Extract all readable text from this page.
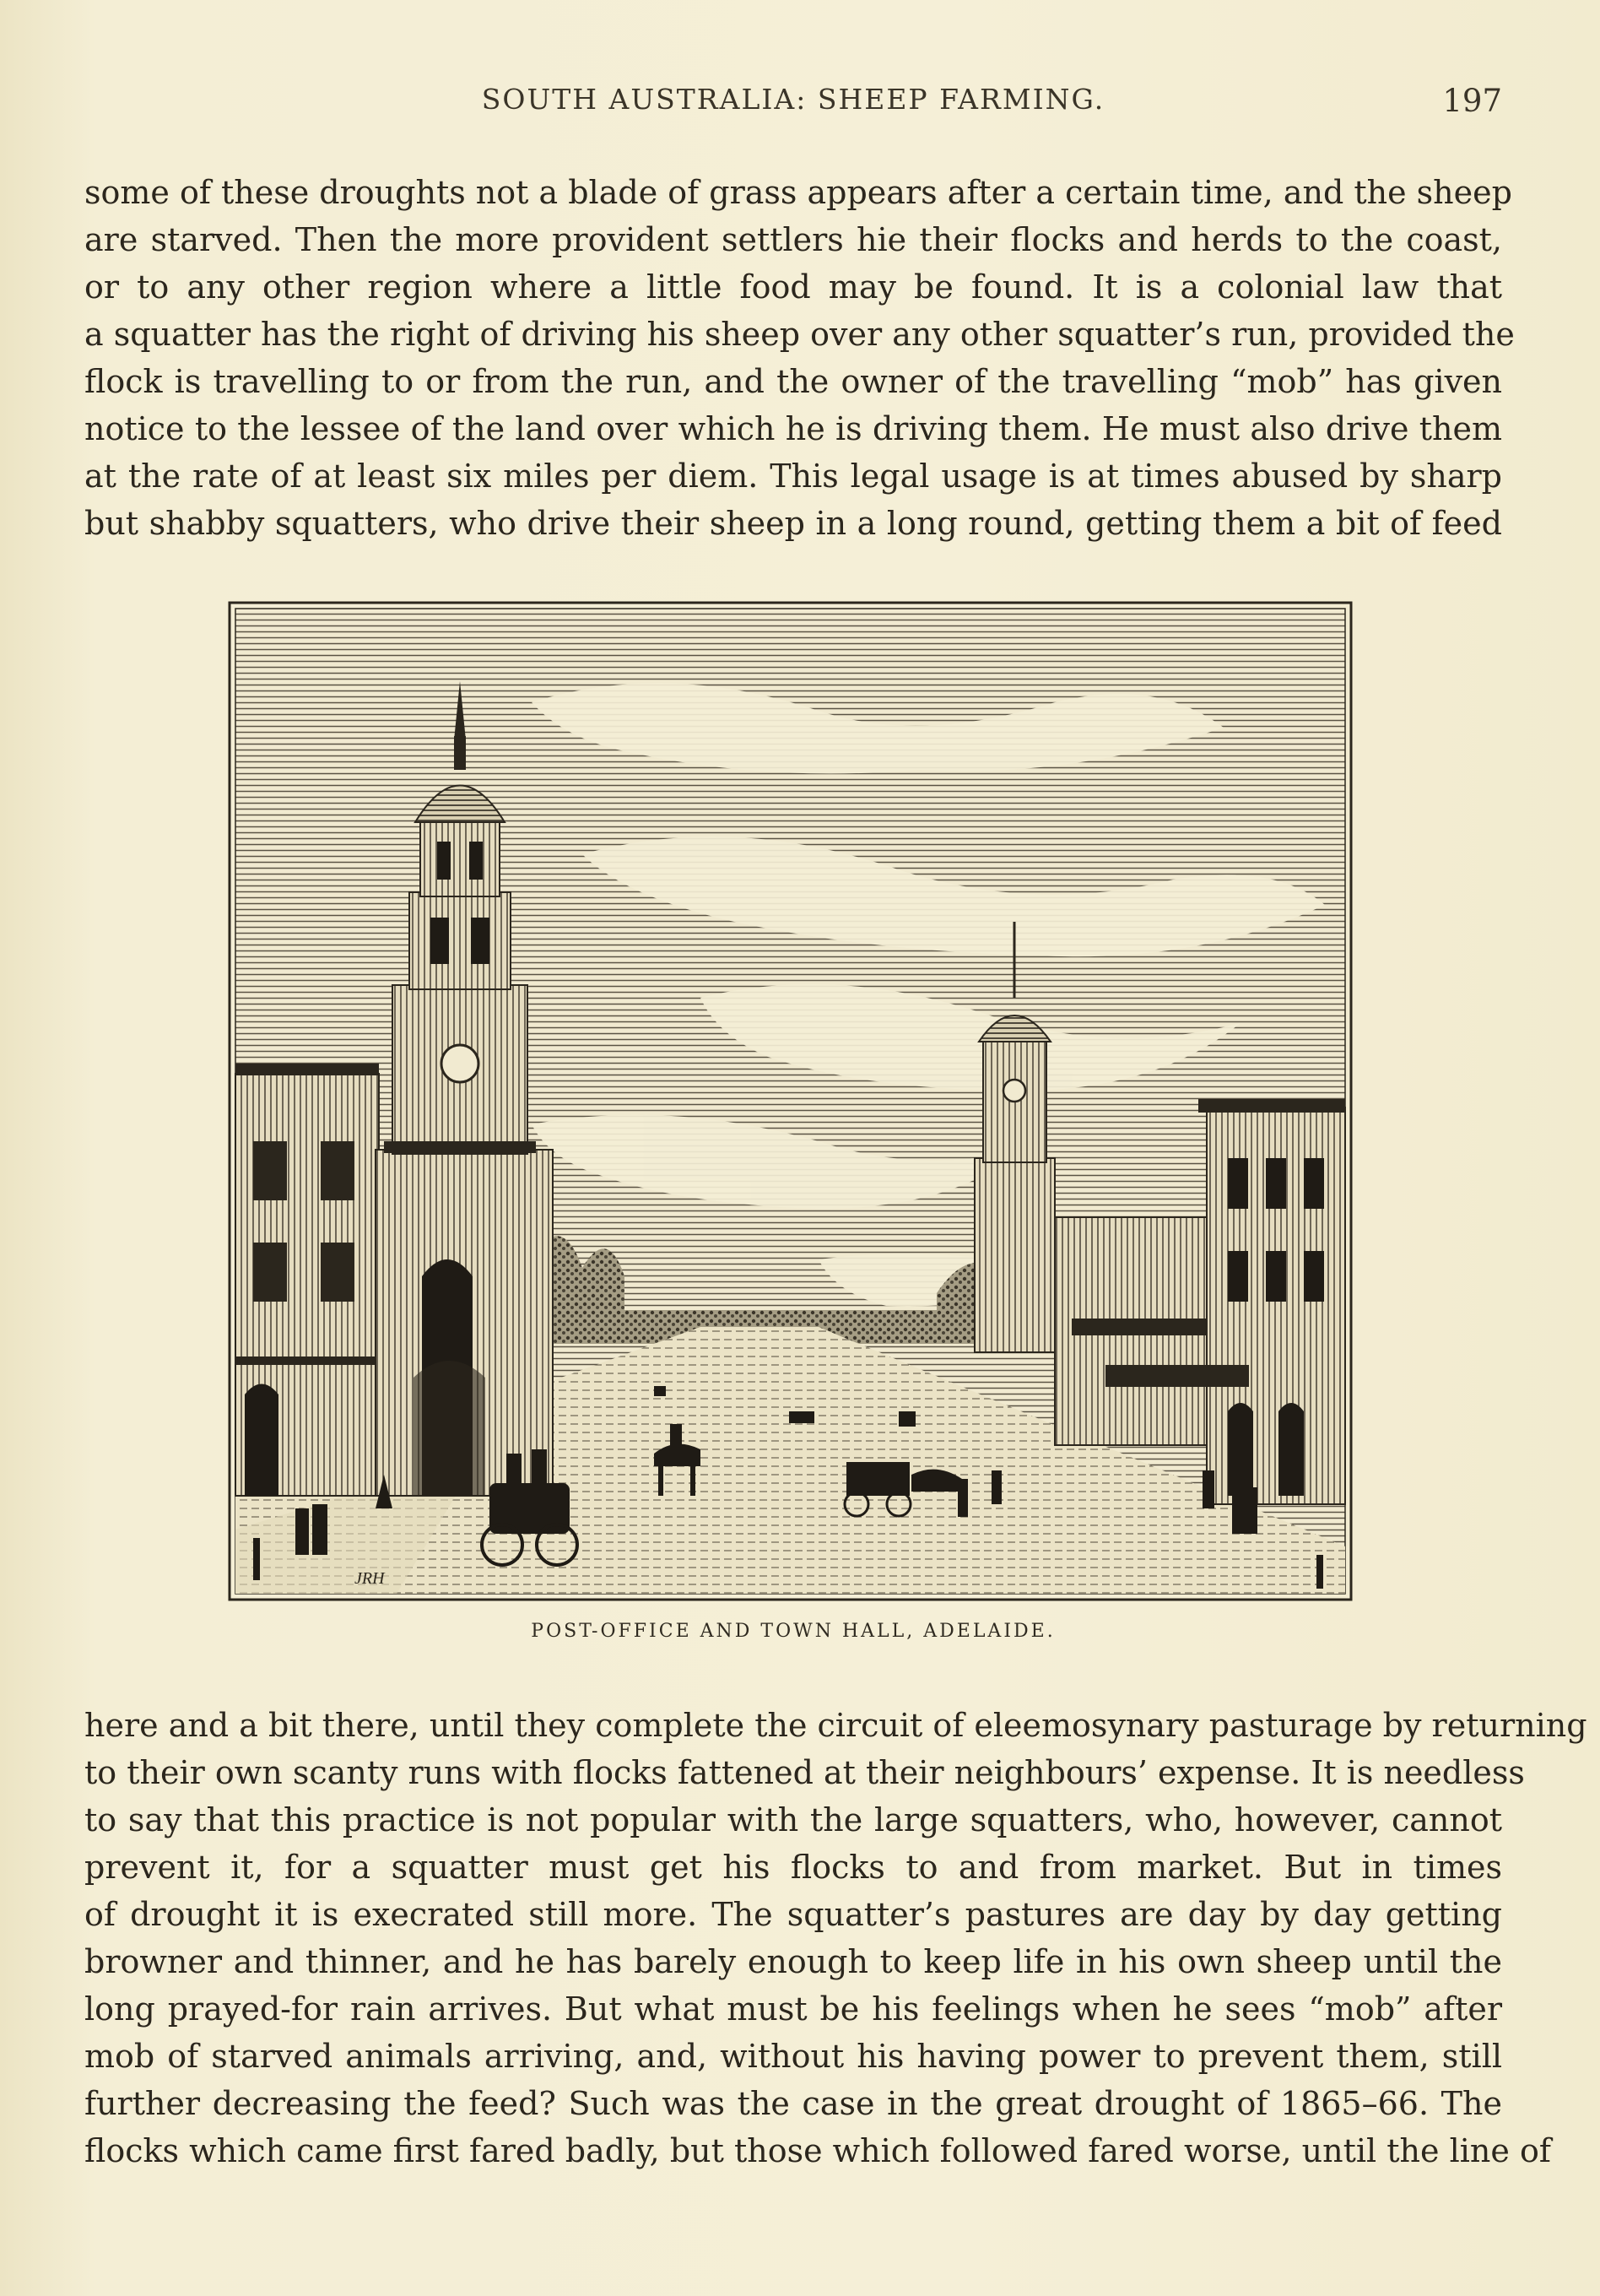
SOUTH AUSTRALIA: SHEEP FARMING.	197
some of these droughts not a blade of grass appears after a certain time, and the sheep
are starved. Then the more provident settlers hie their flocks and herds to the coast,
or to any other region where a little food may be found. It is a colonial law that
a squatter has the right of driving his sheep over any other squatter’s run, provided the
flock is travelling to or from the run, and the owner of the travelling “mob” has given
notice to the lessee of the land over which he is driving them. He must also drive them
at the rate of at least six miles per diem. This legal usage is at times abused by sharp
but shabby squatters, who drive their sheep in a long round, getting them a bit of feed
JRH
POST-OFFICE AND TOWN HALL, ADELAIDE.
here and a bit there, until they complete the circuit of eleemosynary pasturage by returning
to their own scanty runs with flocks fattened at their neighbours’ expense. It is needless
to say that this practice is not popular with the large squatters, who, however, cannot
prevent it, for a squatter must get his flocks to and from market. But in times
of drought it is execrated still more. The squatter’s pastures are day by day getting
browner and thinner, and he has barely enough to keep life in his own sheep until the
long prayed-for rain arrives. But what must be his feelings when he sees “mob” after
mob of starved animals arriving, and, without his having power to prevent them, still
further decreasing the feed? Such was the case in the great drought of 1865–66. The
flocks which came first fared badly, but those which followed fared worse, until the line of
